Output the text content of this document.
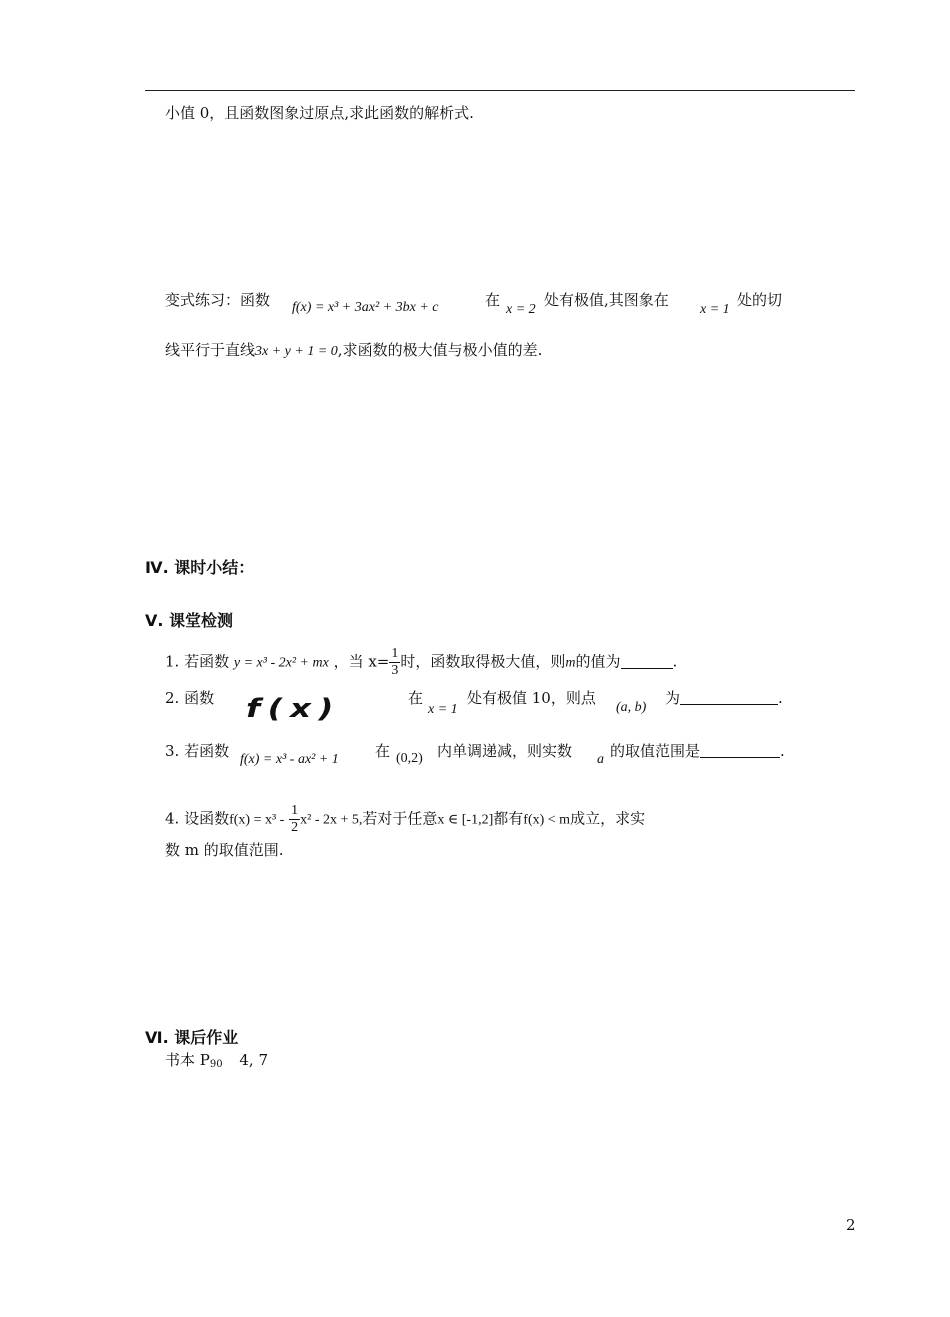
小值 0，且函数图象过原点,求此函数的解析式.
变式练习：函数 f(x) = x³ + 3ax² + 3bx + c	在
x = 2
处有极值,其图象在
x = 1
处的切
线平行于直线3x + y + 1 = 0,求函数的极大值与极小值的差.
Ⅳ. 课时小结：
Ⅴ. 课堂检测
1. 若函数 y = x³ - 2x² + mx ，当 $x= \frac{1}{3}$ 时，函数取得极大值，则m的值为	.
2. 函数 f(x)	在
x = 1
处有极值 10，则点
(a, b)
为	.
3. 若函数 f(x) = x³ - ax² + 1 在 (0,2) 内单调递减，则实数 a 的取值范围是	.
4. 设函数$f(x) = x^3 - \frac{1}{2} x^2 - 2x + 5$,若对于任意x ∈ [-1,2]都有f(x) < m成立，求实
数 m 的取值范围.
Ⅵ. 课后作业
书本 P90 4, 7
2
